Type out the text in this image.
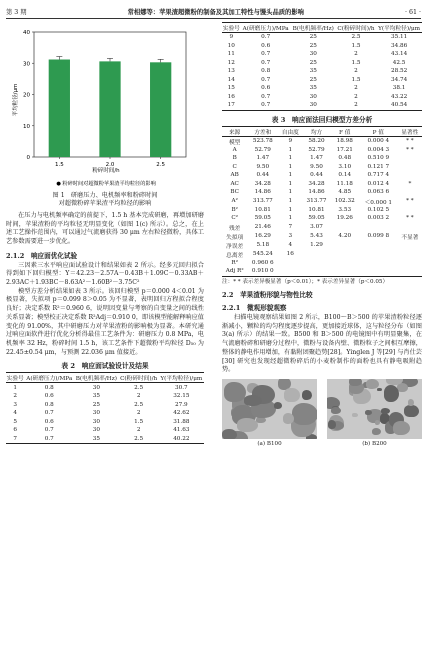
第 3 期	常相娜等：苹果渣超微粉的制备及其加工特性与馒头品质的影响	· 61 ·
平均粒径/μm
粉碎时间/h
● 粉碎时间对超微粉苹果渣平均粒径的影响
0
10
20
30
40
1.5	2.0	2.5
图 1　研磨压力、电机频率和粉碎时间
对超微粉碎苹果渣平均粒径的影响

在压力与电机频率确定的前提下，1.5 h 基本完成研磨，再增加研磨时间，苹果渣粉的平均粒径无明显变化（如图 1(c) 所示）。总之，在上述工艺操作范围内，可以通过气流磨获得 30 μm 左右粒径微粉，具体工艺参数需要进一步优化。

2.1.2　响应面优化试验

三因素三水平响应面试验设计和结果如表 2 所示。经多元回归拟合得到如下回归模型：Y＝42.23－2.57A－0.43B＋1.09C－0.33AB＋2.93AC＋1.93BC－8.63A²－1.60B²－3.75C²

模型方差分析结果如表 3 所示。该回归模型 p＝0.000 4＜0.01 为极显著，失拟项 p＝0.099 8＞0.05 为不显著，表明回归方程拟合程度良好；决定系数 R²＝0.960 6，说明因变量与考察的自变量之间的线性关系显著；模型校正决定系数 R²Adj＝0.910 0，即该模型能解释响应值变化的 91.00%，其中研磨压力对苹果渣粉的影响极为显著。本研究通过响应面软件进行优化分析得最佳工艺条件为：研磨压力 0.8 MPa，电机频率 32 Hz，粉碎时间 1.5 h，该工艺条件下超微粉平均粒径 D₅₀ 为 22.45±0.54 μm，与预测 22.036 μm 值接近。

表 2　响应面试验设计及结果
实验号	A(研磨压力)/MPa	B(电机频率/Hz)	C(粉碎时间)/h	Y(平均粒径)/μm
1	0.8	30	2.5	30.7
2	0.6	35	2	32.15
3	0.8	25	2.5	27.9
4	0.7	30	2	42.62
5	0.6	30	1.5	31.88
6	0.7	30	2	41.63
7	0.7	35	2.5	40.22
实验号	A(研磨压力)/MPa	B(电机频率/Hz)	C(粉碎时间)/h	Y(平均粒径)/μm
9	0.7	25	2.5	35.11
10	0.6	25	1.5	34.86
11	0.7	30	2	43.14
12	0.7	25	1.5	42.5
13	0.8	35	2	28.52
14	0.7	25	1.5	34.74
15	0.6	35	2	38.1
16	0.7	30	2	43.22
17	0.7	30	2	40.54
表 3　响应面法回归模型方差分析
来源	方差和	自由度	均方	F 值	P 值	显著性
模型	523.78	9	58.20	18.98	0.000 4	* *
A	52.79	1	52.79	17.21	0.004 3	* *
B	1.47	1	1.47	0.48	0.510 9	
C	9.50	1	9.50	3.10	0.121 7	
AB	0.44	1	0.44	0.14	0.717 4	
AC	34.28	1	34.28	11.18	0.012 4	*
BC	14.86	1	14.86	4.85	0.063 6	
A²	313.77	1	313.77	102.32	＜0.000 1	* *
B²	10.81	1	10.81	3.53	0.102 5	
C²	59.05	1	59.05	19.26	0.003 2	* *
残差	21.46	7	3.07			
失拟项	16.29	3	5.43	4.20	0.099 8	不显著
净误差	5.18	4	1.29			
总离差	545.24	16				
R²	0.960 6					
Adj R²	0.910 0					
注：* * 表示差异极显著（p＜0.01）；* 表示差异显著（p＜0.05）
2.2　苹果渣粉形貌与物性比较
2.2.1　微观形貌观察

扫描电镜观察结果如图 2 所示，B100～B＞500 的苹果渣粉粒径逐渐减小，颗粒的均匀程度逐步提高，更加接近球体，这与粒径分布（如图 3(a) 所示）的结果一致。B500 和 B＞500 的电镜图中有明显聚集，在气流磨粉碎和研磨分过程中，微粉与设备内壁、微粉粒子之间相互摩擦，整体的静电作用增加，有黏附团聚趋势[28]。Yinglen J 等[29] 与肖仕芸[30] 研究也发现经超微粉碎后的小麦粉制作的面粉也具有静电吸附趋势。

(a) B100	(b) B200
